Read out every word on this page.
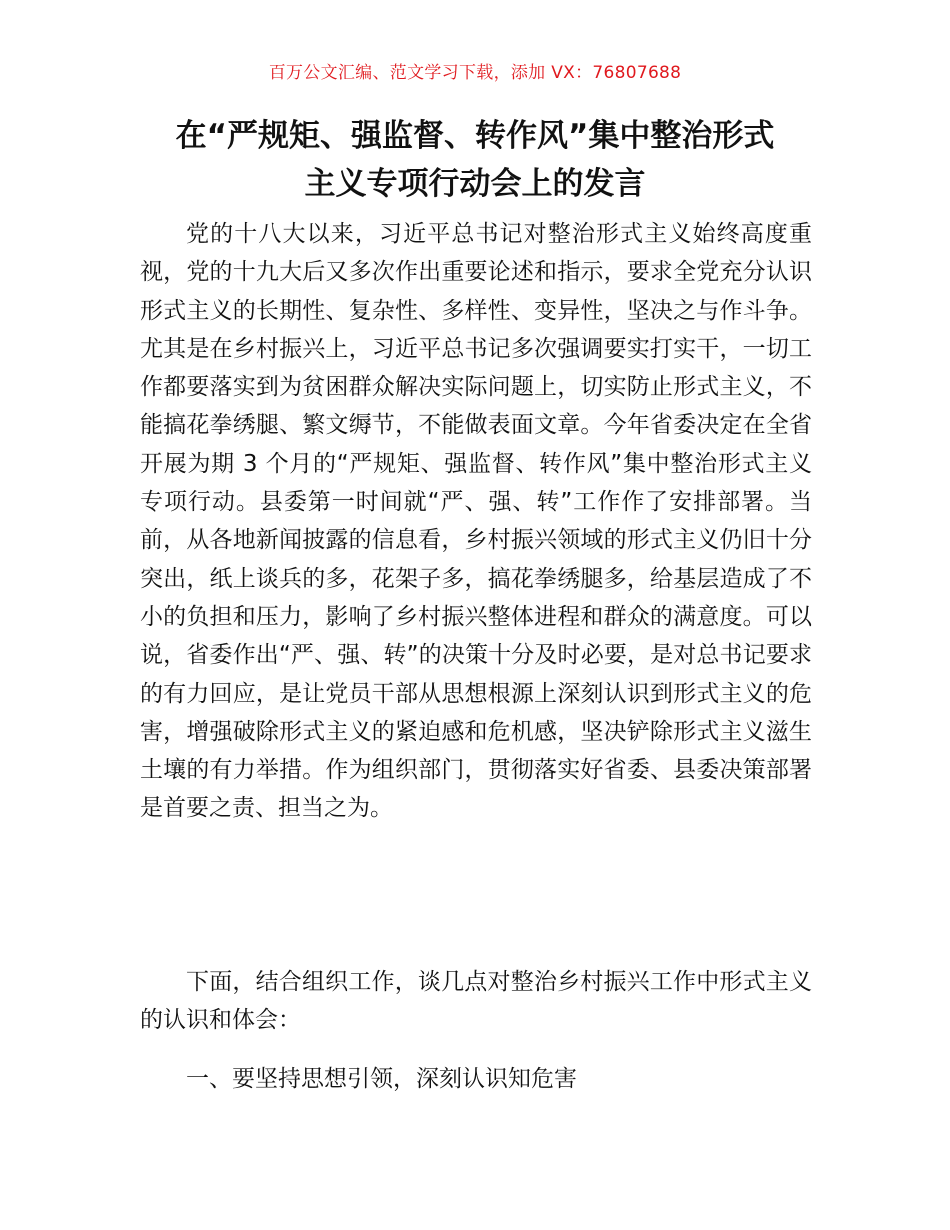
百万公文汇编、范文学习下载，添加 VX：76807688
在“严规矩、强监督、转作风”集中整治形式
主义专项行动会上的发言
党的十八大以来，习近平总书记对整治形式主义始终高度重视，党的十九大后又多次作出重要论述和指示，要求全党充分认识形式主义的长期性、复杂性、多样性、变异性，坚决之与作斗争。尤其是在乡村振兴上，习近平总书记多次强调要实打实干，一切工作都要落实到为贫困群众解决实际问题上，切实防止形式主义，不能搞花拳绣腿、繁文缛节，不能做表面文章。今年省委决定在全省开展为期 3 个月的“严规矩、强监督、转作风”集中整治形式主义专项行动。县委第一时间就“严、强、转”工作作了安排部署。当前，从各地新闻披露的信息看，乡村振兴领域的形式主义仍旧十分突出，纸上谈兵的多，花架子多，搞花拳绣腿多，给基层造成了不小的负担和压力，影响了乡村振兴整体进程和群众的满意度。可以说，省委作出“严、强、转”的决策十分及时必要，是对总书记要求的有力回应，是让党员干部从思想根源上深刻认识到形式主义的危害，增强破除形式主义的紧迫感和危机感，坚决铲除形式主义滋生土壤的有力举措。作为组织部门，贯彻落实好省委、县委决策部署是首要之责、担当之为。
下面，结合组织工作，谈几点对整治乡村振兴工作中形式主义的认识和体会：
一、要坚持思想引领，深刻认识知危害
